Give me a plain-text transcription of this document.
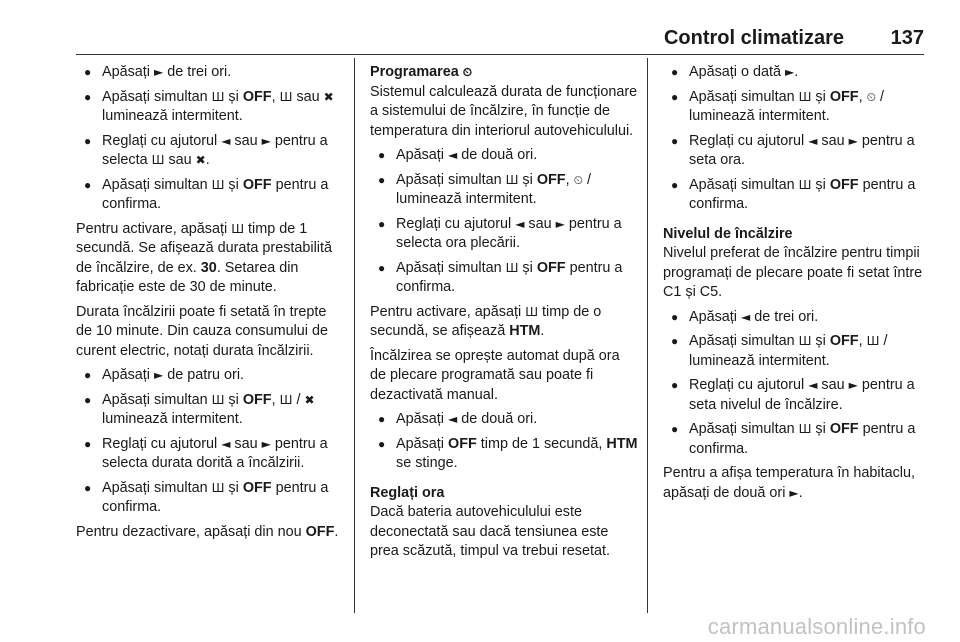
Control climatizare 137
● Apăsați ► de trei ori.
● Apăsați simultan Ш și OFF, Ш sau ✖ luminează intermitent.
● Reglați cu ajutorul ◄ sau ► pentru a selecta Ш sau ✖.
● Apăsați simultan Ш și OFF pentru a confirma.

Pentru activare, apăsați Ш timp de 1 secundă. Se afișează durata prestabilită de încălzire, de ex. 30. Setarea din fabricație este de 30 de minute.

Durata încălzirii poate fi setată în trepte de 10 minute. Din cauza consumului de curent electric, notați durata încălzirii.

● Apăsați ► de patru ori.
● Apăsați simultan Ш și OFF, Ш / ✖ luminează intermitent.
● Reglați cu ajutorul ◄ sau ► pentru a selecta durata dorită a încălzirii.
● Apăsați simultan Ш și OFF pentru a confirma.

Pentru dezactivare, apăsați din nou OFF.

Programarea ⏲

Sistemul calculează durata de funcționare a sistemului de încălzire, în funcție de temperatura din interiorul autovehiculului.

● Apăsați ◄ de două ori.
● Apăsați simultan Ш și OFF, ⏲ / luminează intermitent.
● Reglați cu ajutorul ◄ sau ► pentru a selecta ora plecării.
● Apăsați simultan Ш și OFF pentru a confirma.

Pentru activare, apăsați Ш timp de o secundă, se afișează HTM.

Încălzirea se oprește automat după ora de plecare programată sau poate fi dezactivată manual.

● Apăsați ◄ de două ori.
● Apăsați OFF timp de 1 secundă, HTM se stinge.

Reglați ora

Dacă bateria autovehiculului este deconectată sau dacă tensiunea este prea scăzută, timpul va trebui resetat.

● Apăsați o dată ►.
● Apăsați simultan Ш și OFF, ⏲ / luminează intermitent.
● Reglați cu ajutorul ◄ sau ► pentru a seta ora.
● Apăsați simultan Ш și OFF pentru a confirma.

Nivelul de încălzire

Nivelul preferat de încălzire pentru timpii programați de plecare poate fi setat între C1 și C5.

● Apăsați ◄ de trei ori.
● Apăsați simultan Ш și OFF, Ш / luminează intermitent.
● Reglați cu ajutorul ◄ sau ► pentru a seta nivelul de încălzire.
● Apăsați simultan Ш și OFF pentru a confirma.

Pentru a afișa temperatura în habitaclu, apăsați de două ori ►.

carmanualsonline.info
